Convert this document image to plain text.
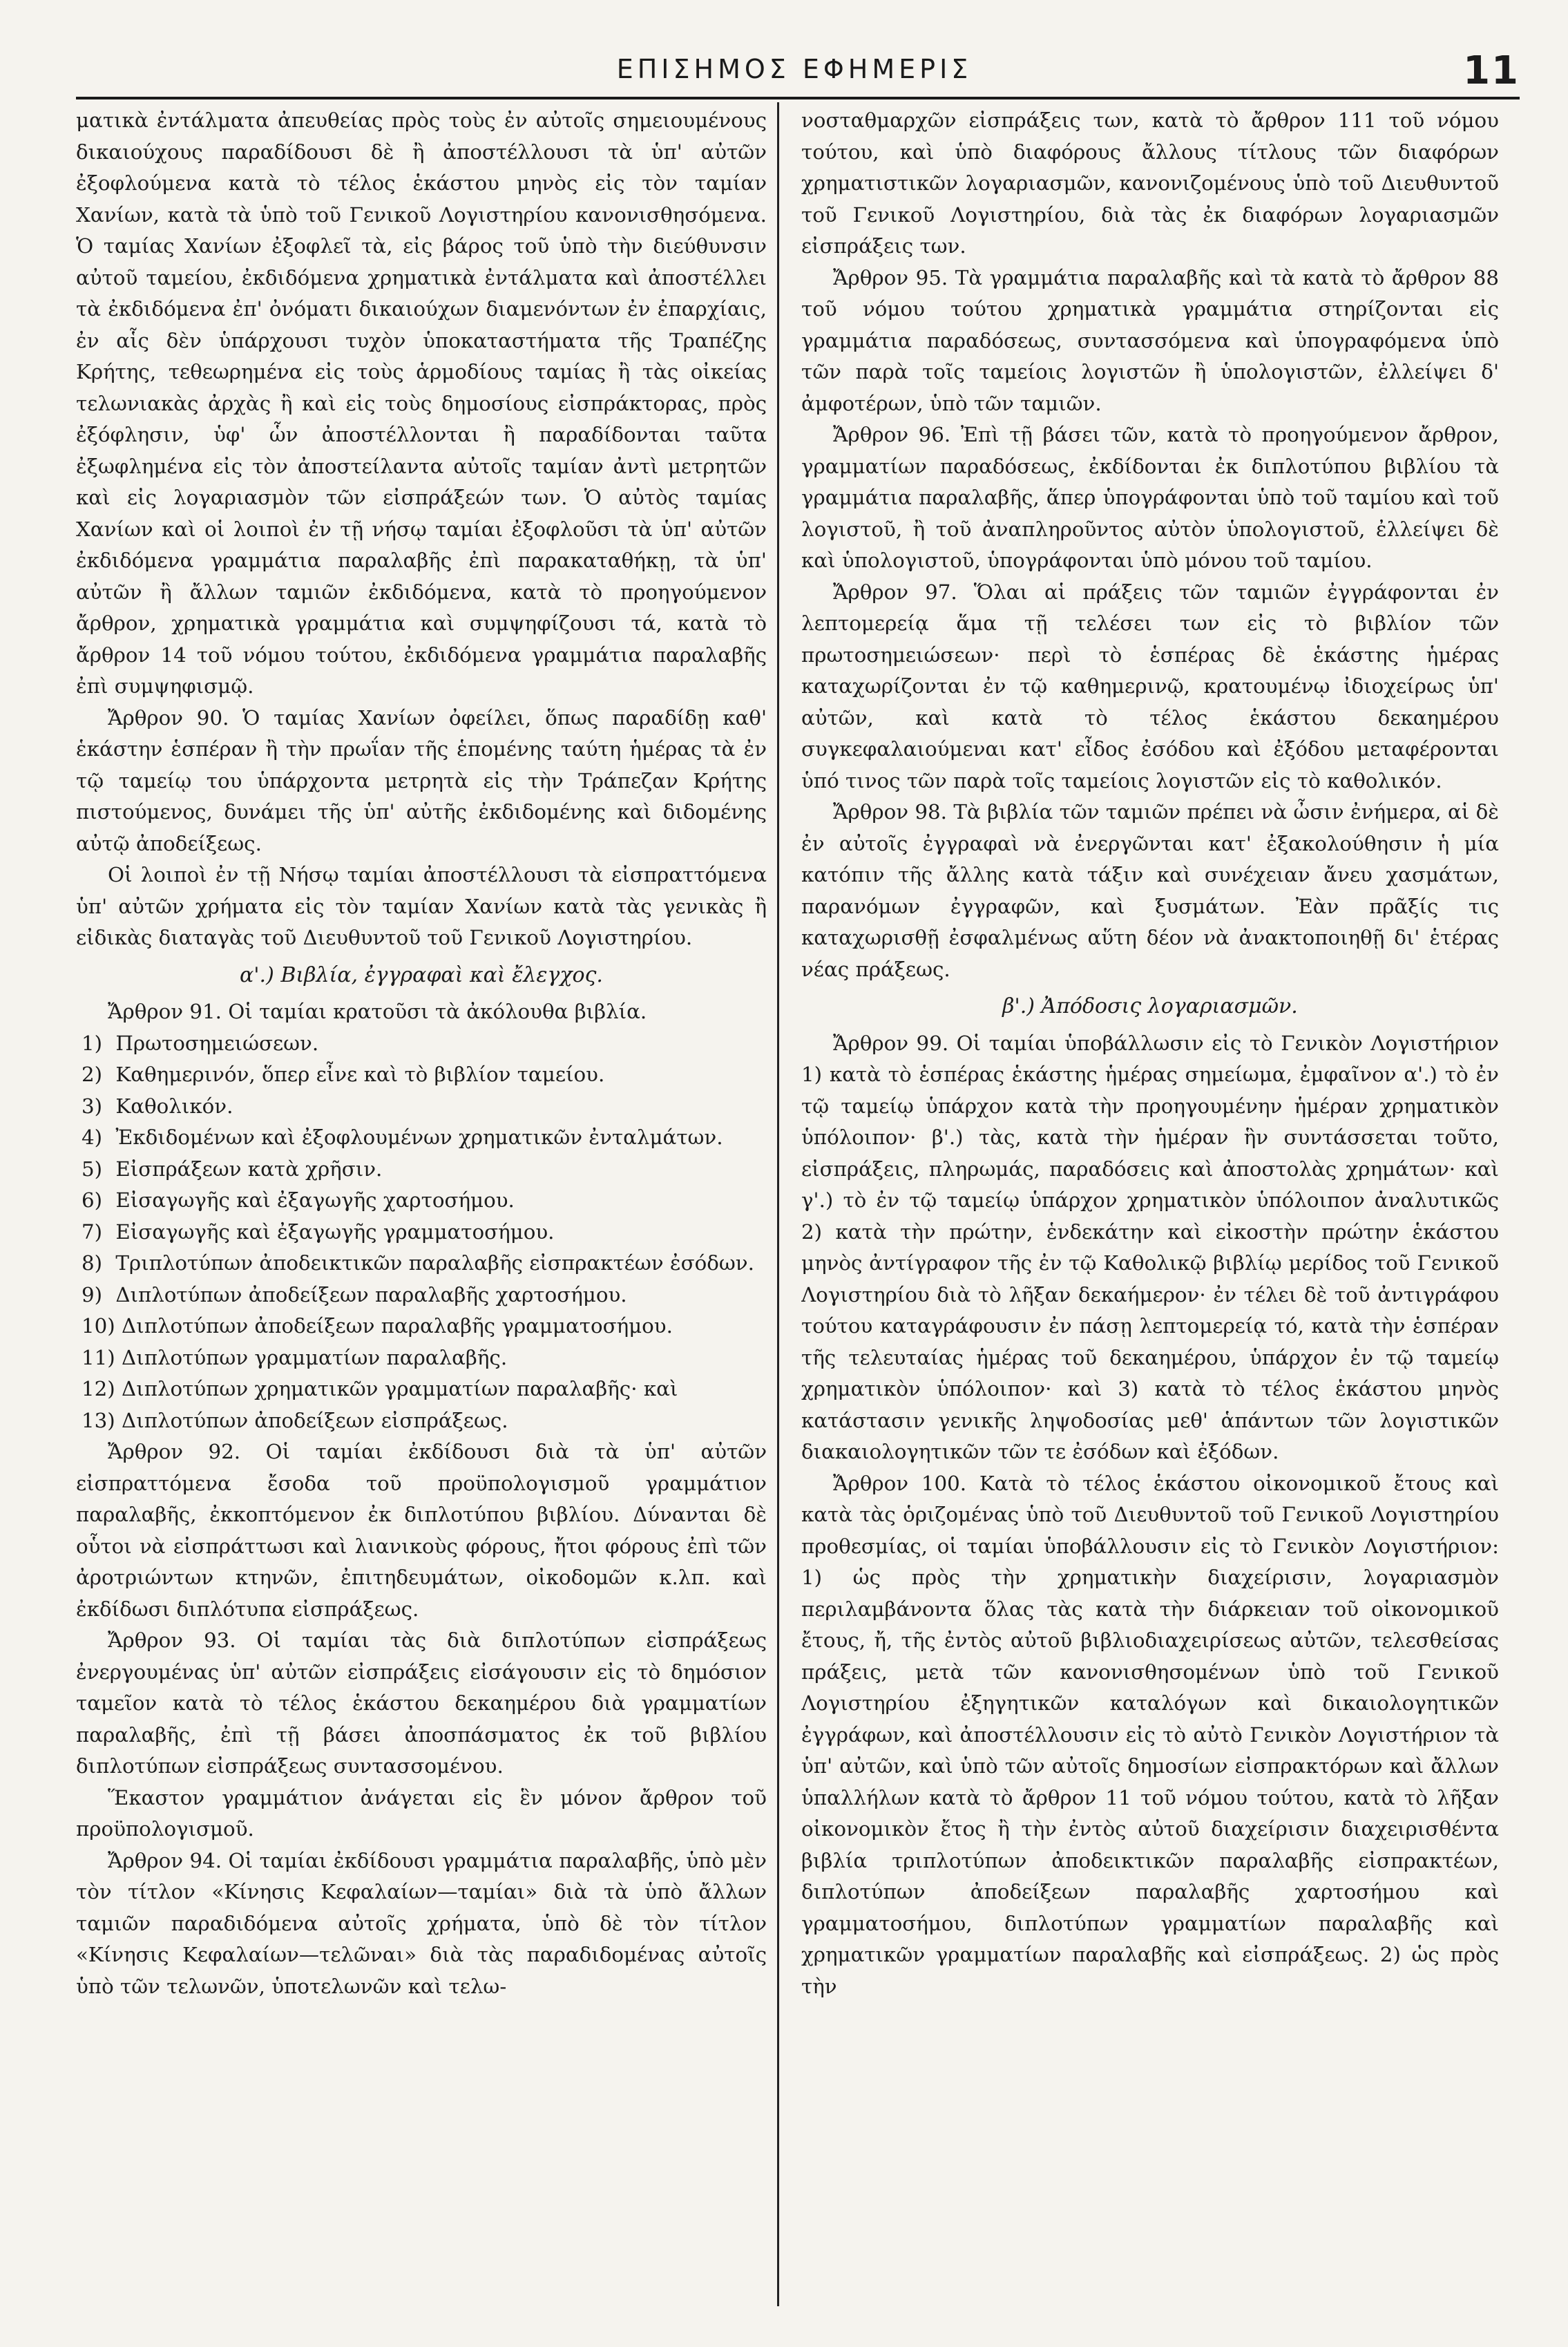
ΕΠΙΣΗΜΟΣ ΕΦΗΜΕΡΙΣ	11

ματικὰ ἐντάλματα ἀπευθείας πρὸς τοὺς ἐν αὐτοῖς σημειουμένους δικαιούχους παραδίδουσι δὲ ἢ ἀποστέλλουσι τὰ ὑπ' αὐτῶν ἐξοφλούμενα κατὰ τὸ τέλος ἑκάστου μηνὸς εἰς τὸν ταμίαν Χανίων, κατὰ τὰ ὑπὸ τοῦ Γενικοῦ Λογιστηρίου κανονισθησόμενα. Ὁ ταμίας Χανίων ἐξοφλεῖ τὰ, εἰς βάρος τοῦ ὑπὸ τὴν διεύθυνσιν αὐτοῦ ταμείου, ἐκδιδόμενα χρηματικὰ ἐντάλματα καὶ ἀποστέλλει τὰ ἐκδιδόμενα ἐπ' ὀνόματι δικαιούχων διαμενόντων ἐν ἐπαρχίαις, ἐν αἷς δὲν ὑπάρχουσι τυχὸν ὑποκαταστήματα τῆς Τραπέζης Κρήτης, τεθεωρημένα εἰς τοὺς ἁρμοδίους ταμίας ἢ τὰς οἰκείας τελωνιακὰς ἀρχὰς ἢ καὶ εἰς τοὺς δημοσίους εἰσπράκτορας, πρὸς ἐξόφλησιν, ὑφ' ὧν ἀποστέλλονται ἢ παραδίδονται ταῦτα ἐξωφλημένα εἰς τὸν ἀποστείλαντα αὐτοῖς ταμίαν ἀντὶ μετρητῶν καὶ εἰς λογαριασμὸν τῶν εἰσπράξεών των. Ὁ αὐτὸς ταμίας Χανίων καὶ οἱ λοιποὶ ἐν τῇ νήσῳ ταμίαι ἐξοφλοῦσι τὰ ὑπ' αὐτῶν ἐκδιδόμενα γραμμάτια παραλαβῆς ἐπὶ παρακαταθήκῃ, τὰ ὑπ' αὐτῶν ἢ ἄλλων ταμιῶν ἐκδιδόμενα, κατὰ τὸ προηγούμενον ἄρθρον, χρηματικὰ γραμμάτια καὶ συμψηφίζουσι τά, κατὰ τὸ ἄρθρον 14 τοῦ νόμου τούτου, ἐκδιδόμενα γραμμάτια παραλαβῆς ἐπὶ συμψηφισμῷ.

Ἄρθρον 90. Ὁ ταμίας Χανίων ὀφείλει, ὅπως παραδίδῃ καθ' ἑκάστην ἑσπέραν ἢ τὴν πρωΐαν τῆς ἑπομένης ταύτη ἡμέρας τὰ ἐν τῷ ταμείῳ του ὑπάρχοντα μετρητὰ εἰς τὴν Τράπεζαν Κρήτης πιστούμενος, δυνάμει τῆς ὑπ' αὐτῆς ἐκδιδομένης καὶ διδομένης αὐτῷ ἀποδείξεως.

Οἱ λοιποὶ ἐν τῇ Νήσῳ ταμίαι ἀποστέλλουσι τὰ εἰσπραττόμενα ὑπ' αὐτῶν χρήματα εἰς τὸν ταμίαν Χανίων κατὰ τὰς γενικὰς ἢ εἰδικὰς διαταγὰς τοῦ Διευθυντοῦ τοῦ Γενικοῦ Λογιστηρίου.

α'.) Βιβλία, ἐγγραφαὶ καὶ ἔλεγχος.

Ἄρθρον 91. Οἱ ταμίαι κρατοῦσι τὰ ἀκόλουθα βιβλία.

1) Πρωτοσημειώσεων.
2) Καθημερινόν, ὅπερ εἶνε καὶ τὸ βιβλίον ταμείου.
3) Καθολικόν.
4) Ἐκδιδομένων καὶ ἐξοφλουμένων χρηματικῶν ἐνταλμάτων.
5) Εἰσπράξεων κατὰ χρῆσιν.
6) Εἰσαγωγῆς καὶ ἐξαγωγῆς χαρτοσήμου.
7) Εἰσαγωγῆς καὶ ἐξαγωγῆς γραμματοσήμου.
8) Τριπλοτύπων ἀποδεικτικῶν παραλαβῆς εἰσπρακτέων ἐσόδων.
9) Διπλοτύπων ἀποδείξεων παραλαβῆς χαρτοσήμου.
10) Διπλοτύπων ἀποδείξεων παραλαβῆς γραμματοσήμου.
11) Διπλοτύπων γραμματίων παραλαβῆς.
12) Διπλοτύπων χρηματικῶν γραμματίων παραλαβῆς· καὶ
13) Διπλοτύπων ἀποδείξεων εἰσπράξεως.

Ἄρθρον 92. Οἱ ταμίαι ἐκδίδουσι διὰ τὰ ὑπ' αὐτῶν εἰσπραττόμενα ἔσοδα τοῦ προϋπολογισμοῦ γραμμάτιον παραλαβῆς, ἐκκοπτόμενον ἐκ διπλοτύπου βιβλίου. Δύνανται δὲ οὗτοι νὰ εἰσπράττωσι καὶ λιανικοὺς φόρους, ἤτοι φόρους ἐπὶ τῶν ἀροτριώντων κτηνῶν, ἐπιτηδευμάτων, οἰκοδομῶν κ.λπ. καὶ ἐκδίδωσι διπλότυπα εἰσπράξεως.

Ἄρθρον 93. Οἱ ταμίαι τὰς διὰ διπλοτύπων εἰσπράξεως ἐνεργουμένας ὑπ' αὐτῶν εἰσπράξεις εἰσάγουσιν εἰς τὸ δημόσιον ταμεῖον κατὰ τὸ τέλος ἑκάστου δεκαημέρου διὰ γραμματίων παραλαβῆς, ἐπὶ τῇ βάσει ἀποσπάσματος ἐκ τοῦ βιβλίου διπλοτύπων εἰσπράξεως συντασσομένου.

Ἕκαστον γραμμάτιον ἀνάγεται εἰς ἓν μόνον ἄρθρον τοῦ προϋπολογισμοῦ.

Ἄρθρον 94. Οἱ ταμίαι ἐκδίδουσι γραμμάτια παραλαβῆς, ὑπὸ μὲν τὸν τίτλον «Κίνησις Κεφαλαίων—ταμίαι» διὰ τὰ ὑπὸ ἄλλων ταμιῶν παραδιδόμενα αὐτοῖς χρήματα, ὑπὸ δὲ τὸν τίτλον «Κίνησις Κεφαλαίων—τελῶναι» διὰ τὰς παραδιδομένας αὐτοῖς ὑπὸ τῶν τελωνῶν, ὑποτελωνῶν καὶ τελω-

νοσταθμαρχῶν εἰσπράξεις των, κατὰ τὸ ἄρθρον 111 τοῦ νόμου τούτου, καὶ ὑπὸ διαφόρους ἄλλους τίτλους τῶν διαφόρων χρηματιστικῶν λογαριασμῶν, κανονιζομένους ὑπὸ τοῦ Διευθυντοῦ τοῦ Γενικοῦ Λογιστηρίου, διὰ τὰς ἐκ διαφόρων λογαριασμῶν εἰσπράξεις των.

Ἄρθρον 95. Τὰ γραμμάτια παραλαβῆς καὶ τὰ κατὰ τὸ ἄρθρον 88 τοῦ νόμου τούτου χρηματικὰ γραμμάτια στηρίζονται εἰς γραμμάτια παραδόσεως, συντασσόμενα καὶ ὑπογραφόμενα ὑπὸ τῶν παρὰ τοῖς ταμείοις λογιστῶν ἢ ὑπολογιστῶν, ἐλλείψει δ' ἀμφοτέρων, ὑπὸ τῶν ταμιῶν.

Ἄρθρον 96. Ἐπὶ τῇ βάσει τῶν, κατὰ τὸ προηγούμενον ἄρθρον, γραμματίων παραδόσεως, ἐκδίδονται ἐκ διπλοτύπου βιβλίου τὰ γραμμάτια παραλαβῆς, ἅπερ ὑπογράφονται ὑπὸ τοῦ ταμίου καὶ τοῦ λογιστοῦ, ἢ τοῦ ἀναπληροῦντος αὐτὸν ὑπολογιστοῦ, ἐλλείψει δὲ καὶ ὑπολογιστοῦ, ὑπογράφονται ὑπὸ μόνου τοῦ ταμίου.

Ἄρθρον 97. Ὅλαι αἱ πράξεις τῶν ταμιῶν ἐγγράφονται ἐν λεπτομερείᾳ ἅμα τῇ τελέσει των εἰς τὸ βιβλίον τῶν πρωτοσημειώσεων· περὶ τὸ ἑσπέρας δὲ ἑκάστης ἡμέρας καταχωρίζονται ἐν τῷ καθημερινῷ, κρατουμένῳ ἰδιοχείρως ὑπ' αὐτῶν, καὶ κατὰ τὸ τέλος ἑκάστου δεκαημέρου συγκεφαλαιούμεναι κατ' εἶδος ἐσόδου καὶ ἐξόδου μεταφέρονται ὑπό τινος τῶν παρὰ τοῖς ταμείοις λογιστῶν εἰς τὸ καθολικόν.

Ἄρθρον 98. Τὰ βιβλία τῶν ταμιῶν πρέπει νὰ ὦσιν ἐνήμερα, αἱ δὲ ἐν αὐτοῖς ἐγγραφαὶ νὰ ἐνεργῶνται κατ' ἐξακολούθησιν ἡ μία κατόπιν τῆς ἄλλης κατὰ τάξιν καὶ συνέχειαν ἄνευ χασμάτων, παρανόμων ἐγγραφῶν, καὶ ξυσμάτων. Ἐὰν πρᾶξίς τις καταχωρισθῇ ἐσφαλμένως αὕτη δέον νὰ ἀνακτοποιηθῇ δι' ἑτέρας νέας πράξεως.

β'.) Ἀπόδοσις λογαριασμῶν.

Ἄρθρον 99. Οἱ ταμίαι ὑποβάλλωσιν εἰς τὸ Γενικὸν Λογιστήριον 1) κατὰ τὸ ἑσπέρας ἑκάστης ἡμέρας σημείωμα, ἐμφαῖνον α'.) τὸ ἐν τῷ ταμείῳ ὑπάρχον κατὰ τὴν προηγουμένην ἡμέραν χρηματικὸν ὑπόλοιπον· β'.) τὰς, κατὰ τὴν ἡμέραν ἣν συντάσσεται τοῦτο, εἰσπράξεις, πληρωμάς, παραδόσεις καὶ ἀποστολὰς χρημάτων· καὶ γ'.) τὸ ἐν τῷ ταμείῳ ὑπάρχον χρηματικὸν ὑπόλοιπον ἀναλυτικῶς 2) κατὰ τὴν πρώτην, ἑνδεκάτην καὶ εἰκοστὴν πρώτην ἑκάστου μηνὸς ἀντίγραφον τῆς ἐν τῷ Καθολικῷ βιβλίῳ μερίδος τοῦ Γενικοῦ Λογιστηρίου διὰ τὸ λῆξαν δεκαήμερον· ἐν τέλει δὲ τοῦ ἀντιγράφου τούτου καταγράφουσιν ἐν πάσῃ λεπτομερείᾳ τό, κατὰ τὴν ἑσπέραν τῆς τελευταίας ἡμέρας τοῦ δεκαημέρου, ὑπάρχον ἐν τῷ ταμείῳ χρηματικὸν ὑπόλοιπον· καὶ 3) κατὰ τὸ τέλος ἑκάστου μηνὸς κατάστασιν γενικῆς ληψοδοσίας μεθ' ἁπάντων τῶν λογιστικῶν διακαιολογητικῶν τῶν τε ἐσόδων καὶ ἐξόδων.

Ἄρθρον 100. Κατὰ τὸ τέλος ἑκάστου οἰκονομικοῦ ἔτους καὶ κατὰ τὰς ὁριζομένας ὑπὸ τοῦ Διευθυντοῦ τοῦ Γενικοῦ Λογιστηρίου προθεσμίας, οἱ ταμίαι ὑποβάλλουσιν εἰς τὸ Γενικὸν Λογιστήριον: 1) ὡς πρὸς τὴν χρηματικὴν διαχείρισιν, λογαριασμὸν περιλαμβάνοντα ὅλας τὰς κατὰ τὴν διάρκειαν τοῦ οἰκονομικοῦ ἔτους, ἤ, τῆς ἐντὸς αὐτοῦ βιβλιοδιαχειρίσεως αὐτῶν, τελεσθείσας πράξεις, μετὰ τῶν κανονισθησομένων ὑπὸ τοῦ Γενικοῦ Λογιστηρίου ἐξηγητικῶν καταλόγων καὶ δικαιολογητικῶν ἐγγράφων, καὶ ἀποστέλλουσιν εἰς τὸ αὐτὸ Γενικὸν Λογιστήριον τὰ ὑπ' αὐτῶν, καὶ ὑπὸ τῶν αὐτοῖς δημοσίων εἰσπρακτόρων καὶ ἄλλων ὑπαλλήλων κατὰ τὸ ἄρθρον 11 τοῦ νόμου τούτου, κατὰ τὸ λῆξαν οἰκονομικὸν ἔτος ἢ τὴν ἐντὸς αὐτοῦ διαχείρισιν διαχειρισθέντα βιβλία τριπλοτύπων ἀποδεικτικῶν παραλαβῆς εἰσπρακτέων, διπλοτύπων ἀποδείξεων παραλαβῆς χαρτοσήμου καὶ γραμματοσήμου, διπλοτύπων γραμματίων παραλαβῆς καὶ χρηματικῶν γραμματίων παραλαβῆς καὶ εἰσπράξεως. 2) ὡς πρὸς τὴν
